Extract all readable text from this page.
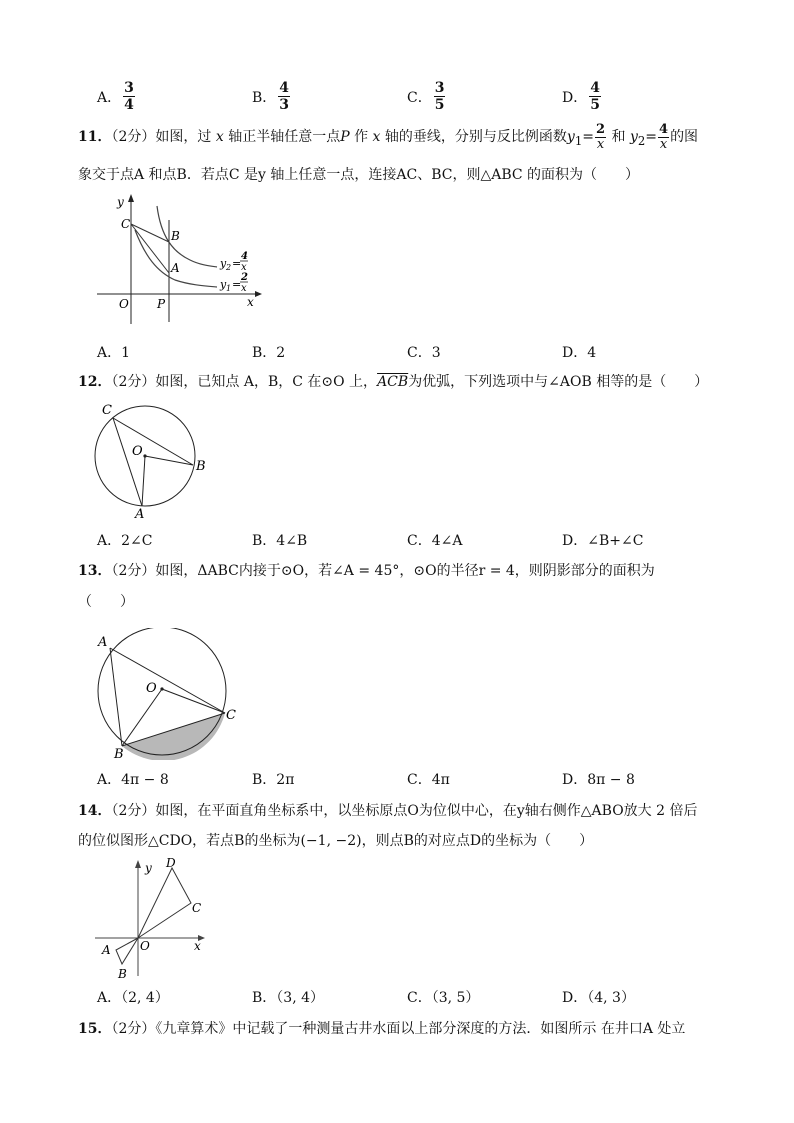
A． $\frac{3}{4}$	B． $\frac{4}{3}$	C． $\frac{3}{5}$	D． $\frac{4}{5}$
11．（2分）如图，过 x 轴正半轴任意一点P 作 x 轴的垂线，分别与反比例函数$y_1= \frac{2}{x}$ 和 $y_2= \frac{4}{x}$ 的图
象交于点A 和点B．若点C 是y 轴上任意一点，连接AC、BC，则△ABC 的面积为（　　）
C
y
B
A
O P	x
y 2 =
4
x
y 1 =
2
x
A．1	B．2	C．3	D．4
12．（2分）如图，已知点 A，B，C 在⊙O 上，$\overline{ACB}$为优弧，下列选项中与∠AOB 相等的是（　　）
C
O
B
A
A．2∠C	B．4∠B	C．4∠A	D．∠B+∠C
13．（2分）如图，ΔABC内接于⊙O，若∠A = 45°，⊙O的半径r = 4，则阴影部分的面积为
（　　）
A
O
C
B
A．4π − 8	B．2π	C．4π	D．8π − 8
14．（2分）如图，在平面直角坐标系中，以坐标原点O为位似中心，在y轴右侧作△ABO放大 2 倍后
的位似图形△CDO，若点B的坐标为(−1, −2)，则点B的对应点D的坐标为（　　）
y D
C
O	x
A
B
A．（2, 4）	B．（3, 4）	C．（3, 5）	D．（4, 3）
15．（2分）《九章算术》中记载了一种测量古井水面以上部分深度的方法．如图所示 在井口A 处立
